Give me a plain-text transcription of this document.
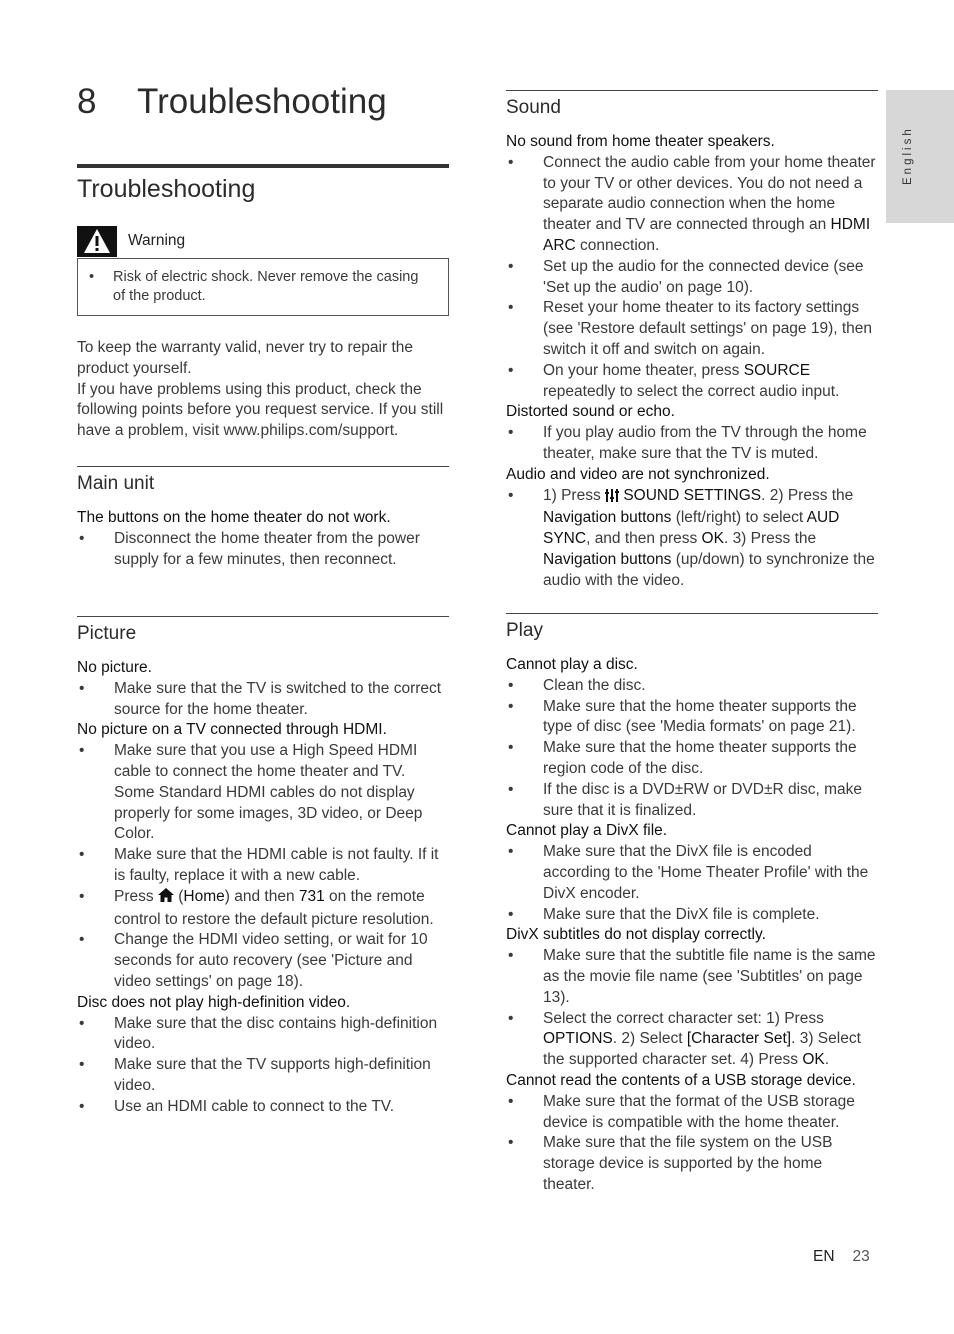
8 Troubleshooting
English
Troubleshooting
Warning
• Risk of electric shock. Never remove the casing of the product.

To keep the warranty valid, never try to repair the product yourself.

If you have problems using this product, check the following points before you request service. If you still have a problem, visit www.philips.com/support.

Main unit

The buttons on the home theater do not work.

• Disconnect the home theater from the power supply for a few minutes, then reconnect.
Picture

No picture.

• Make sure that the TV is switched to the correct source for the home theater.

No picture on a TV connected through HDMI.

• Make sure that you use a High Speed HDMI cable to connect the home theater and TV. Some Standard HDMI cables do not display properly for some images, 3D video, or Deep Color.
• Make sure that the HDMI cable is not faulty. If it is faulty, replace it with a new cable.
• Press  (Home) and then 731 on the remote control to restore the default picture resolution.
• Change the HDMI video setting, or wait for 10 seconds for auto recovery (see 'Picture and video settings' on page 18).

Disc does not play high-definition video.

• Make sure that the disc contains high-definition video.
• Make sure that the TV supports high-definition video.
• Use an HDMI cable to connect to the TV.
Sound

No sound from home theater speakers.

• Connect the audio cable from your home theater to your TV or other devices. You do not need a separate audio connection when the home theater and TV are connected through an HDMI ARC connection.
• Set up the audio for the connected device (see 'Set up the audio' on page 10).
• Reset your home theater to its factory settings (see 'Restore default settings' on page 19), then switch it off and switch on again.
• On your home theater, press SOURCE repeatedly to select the correct audio input.

Distorted sound or echo.

• If you play audio from the TV through the home theater, make sure that the TV is muted.

Audio and video are not synchronized.

• 1) Press  SOUND SETTINGS. 2) Press the Navigation buttons (left/right) to select AUD SYNC, and then press OK. 3) Press the Navigation buttons (up/down) to synchronize the audio with the video.
Play

Cannot play a disc.

• Clean the disc.
• Make sure that the home theater supports the type of disc (see 'Media formats' on page 21).
• Make sure that the home theater supports the region code of the disc.
• If the disc is a DVD±RW or DVD±R disc, make sure that it is finalized.

Cannot play a DivX file.

• Make sure that the DivX file is encoded according to the 'Home Theater Profile' with the DivX encoder.
• Make sure that the DivX file is complete.

DivX subtitles do not display correctly.

• Make sure that the subtitle file name is the same as the movie file name (see 'Subtitles' on page 13).
• Select the correct character set: 1) Press OPTIONS. 2) Select [Character Set]. 3) Select the supported character set. 4) Press OK.

Cannot read the contents of a USB storage device.

• Make sure that the format of the USB storage device is compatible with the home theater.
• Make sure that the file system on the USB storage device is supported by the home theater.
EN 23
